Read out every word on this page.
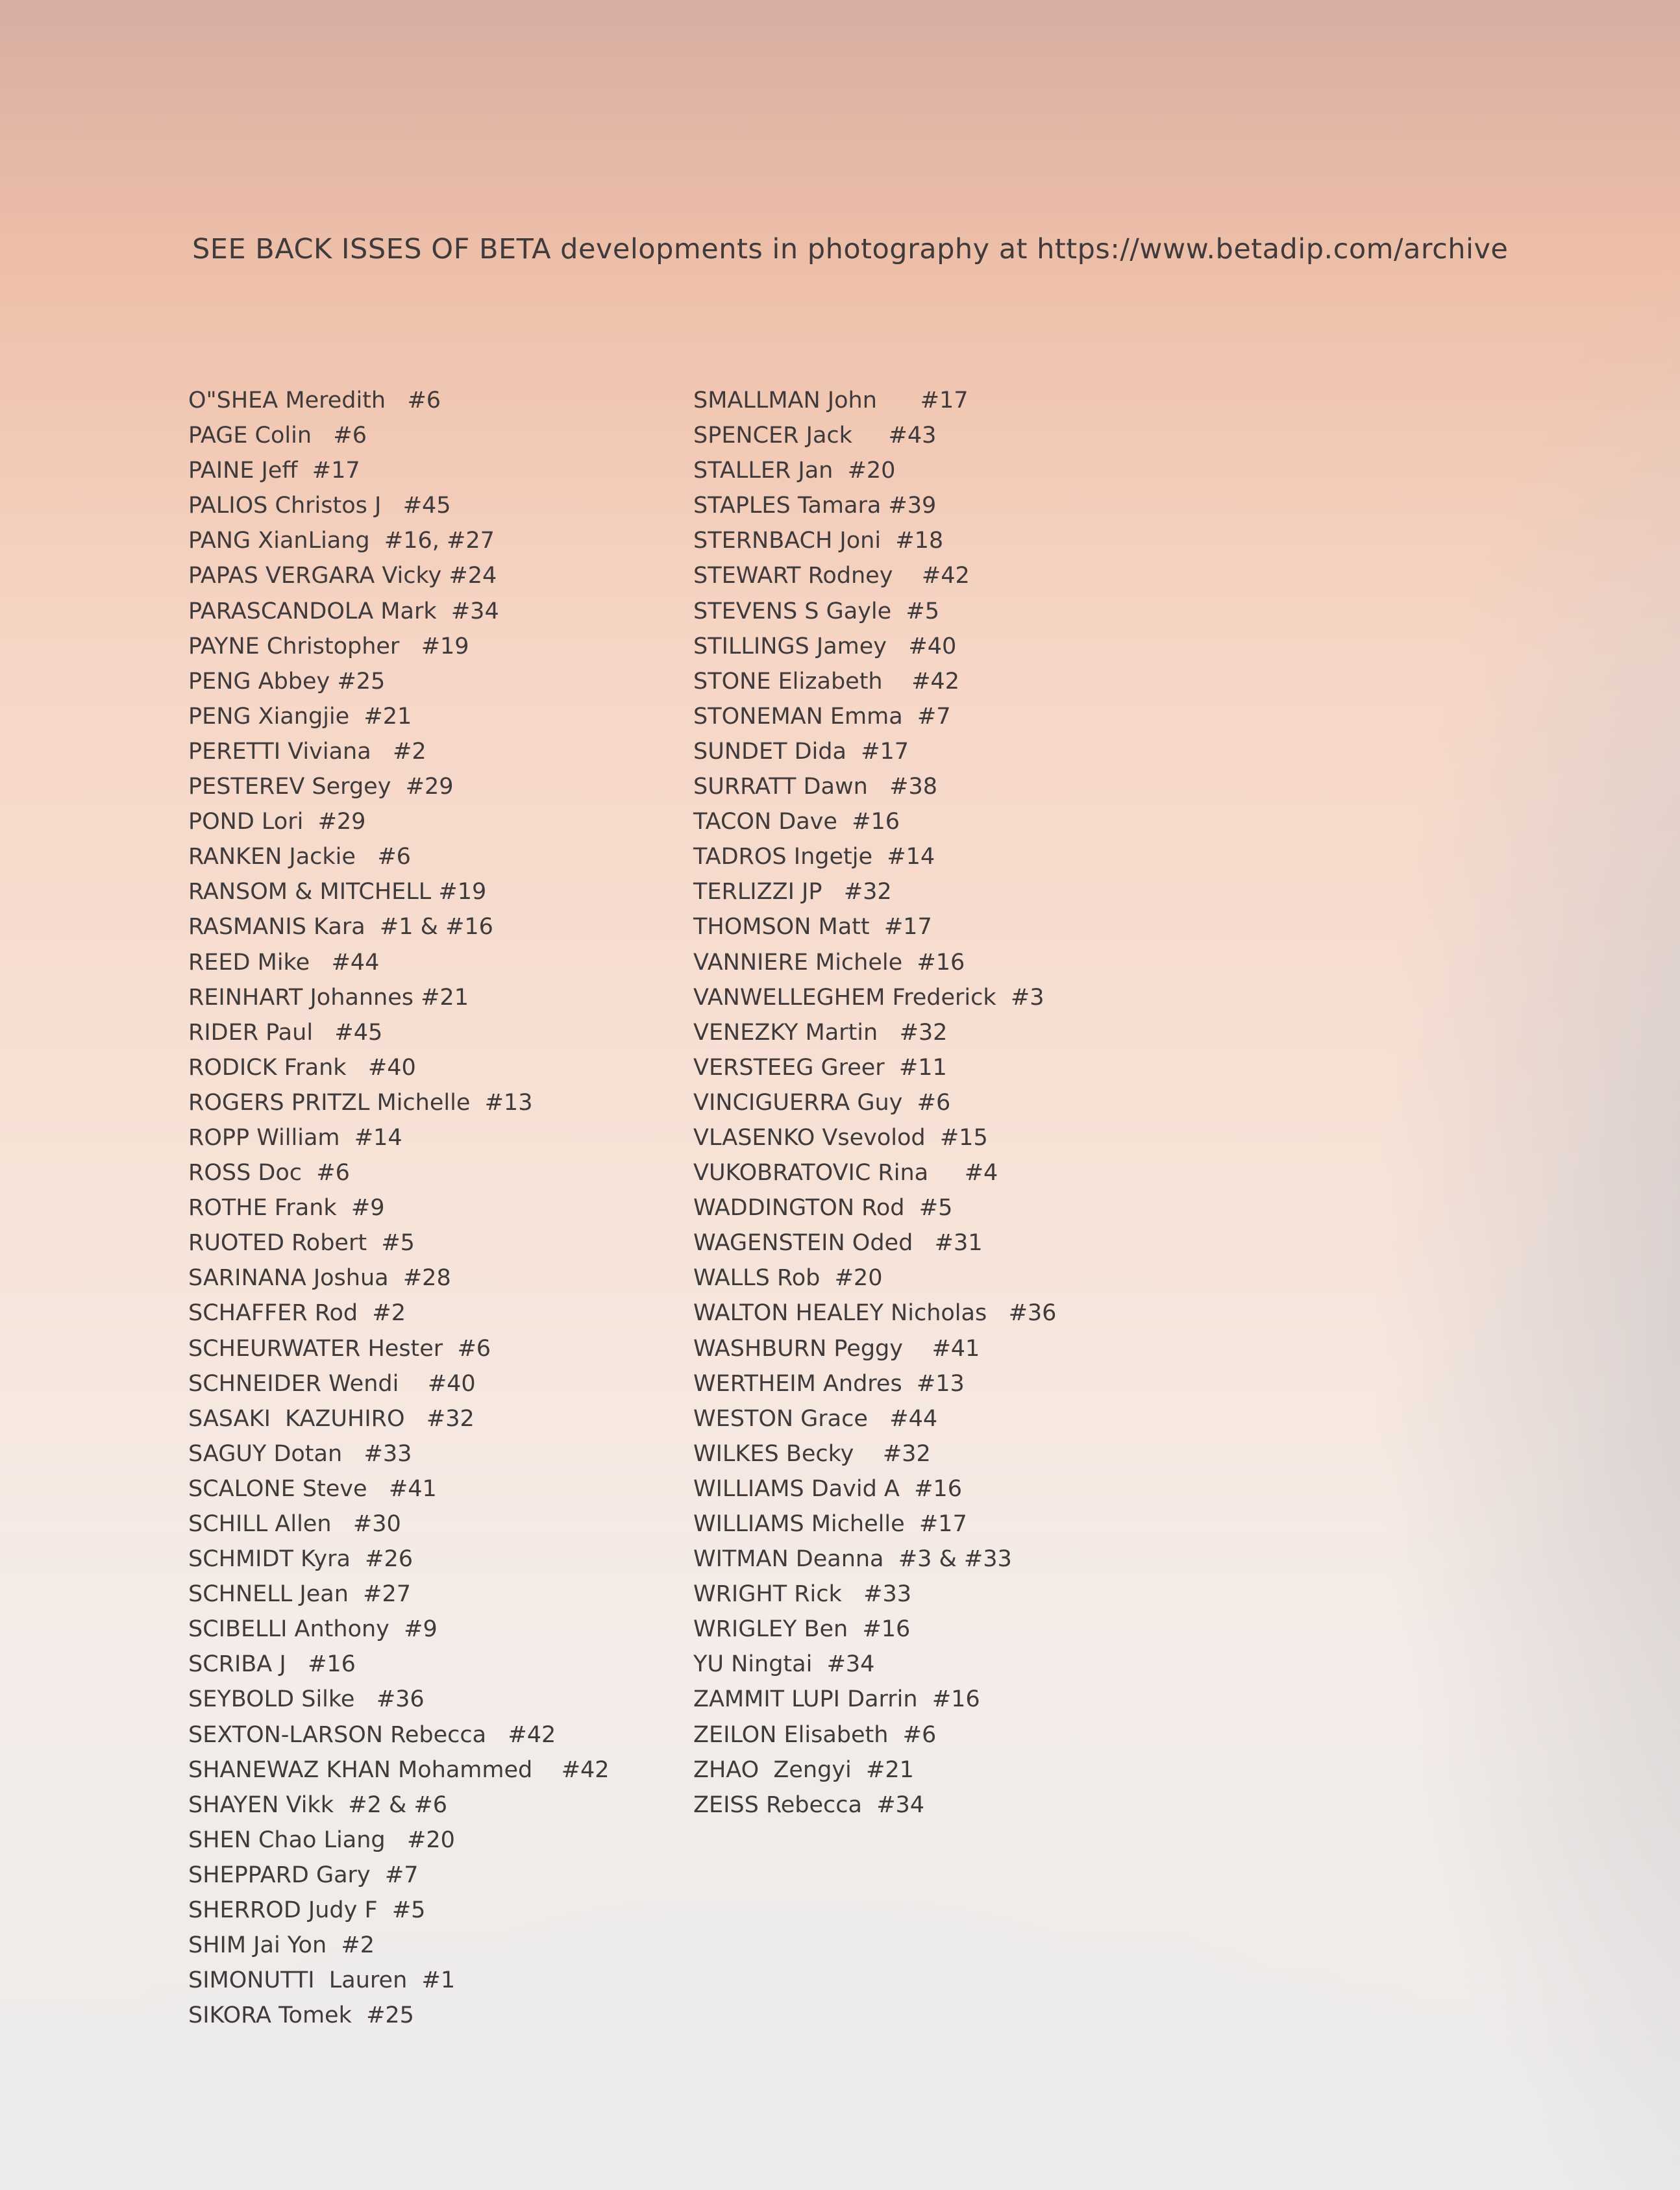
SEE BACK ISSES OF BETA developments in photography at https://www.betadip.com/archive
O"SHEA Meredith   #6
PAGE Colin   #6
PAINE Jeff  #17
PALIOS Christos J   #45
PANG XianLiang  #16, #27
PAPAS VERGARA Vicky #24
PARASCANDOLA Mark  #34
PAYNE Christopher   #19
PENG Abbey #25
PENG Xiangjie  #21
PERETTI Viviana   #2
PESTEREV Sergey  #29
POND Lori  #29
RANKEN Jackie   #6
RANSOM & MITCHELL #19
RASMANIS Kara  #1 & #16
REED Mike   #44
REINHART Johannes #21
RIDER Paul   #45
RODICK Frank   #40
ROGERS PRITZL Michelle  #13
ROPP William  #14
ROSS Doc  #6
ROTHE Frank  #9
RUOTED Robert  #5
SARINANA Joshua  #28
SCHAFFER Rod  #2
SCHEURWATER Hester  #6
SCHNEIDER Wendi    #40
SASAKI  KAZUHIRO   #32
SAGUY Dotan   #33
SCALONE Steve   #41
SCHILL Allen   #30
SCHMIDT Kyra  #26
SCHNELL Jean  #27
SCIBELLI Anthony  #9
SCRIBA J   #16
SEYBOLD Silke   #36
SEXTON-LARSON Rebecca   #42
SHANEWAZ KHAN Mohammed    #42
SHAYEN Vikk  #2 & #6
SHEN Chao Liang   #20
SHEPPARD Gary  #7
SHERROD Judy F  #5
SHIM Jai Yon  #2
SIMONUTTI  Lauren  #1
SIKORA Tomek  #25
SMALLMAN John      #17
SPENCER Jack     #43
STALLER Jan  #20
STAPLES Tamara #39
STERNBACH Joni  #18
STEWART Rodney    #42
STEVENS S Gayle  #5
STILLINGS Jamey   #40
STONE Elizabeth    #42
STONEMAN Emma  #7
SUNDET Dida  #17
SURRATT Dawn   #38
TACON Dave  #16
TADROS Ingetje  #14
TERLIZZI JP   #32
THOMSON Matt  #17
VANNIERE Michele  #16
VANWELLEGHEM Frederick  #3
VENEZKY Martin   #32
VERSTEEG Greer  #11
VINCIGUERRA Guy  #6
VLASENKO Vsevolod  #15
VUKOBRATOVIC Rina     #4
WADDINGTON Rod  #5
WAGENSTEIN Oded   #31
WALLS Rob  #20
WALTON HEALEY Nicholas   #36
WASHBURN Peggy    #41
WERTHEIM Andres  #13
WESTON Grace   #44
WILKES Becky    #32
WILLIAMS David A  #16
WILLIAMS Michelle  #17
WITMAN Deanna  #3 & #33
WRIGHT Rick   #33
WRIGLEY Ben  #16
YU Ningtai  #34
ZAMMIT LUPI Darrin  #16
ZEILON Elisabeth  #6
ZHAO  Zengyi  #21
ZEISS Rebecca  #34
